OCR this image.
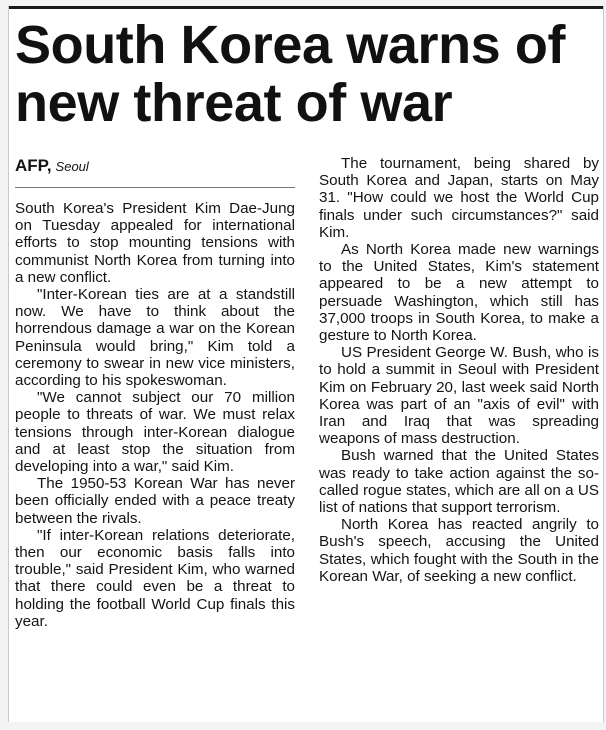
South Korea warns of new threat of war
AFP, Seoul

South Korea's President Kim Dae-Jung on Tuesday appealed for international efforts to stop mounting tensions with communist North Korea from turning into a new conflict.

"Inter-Korean ties are at a standstill now. We have to think about the horrendous damage a war on the Korean Peninsula would bring," Kim told a ceremony to swear in new vice ministers, according to his spokeswoman.

"We cannot subject our 70 million people to threats of war. We must relax tensions through inter-Korean dialogue and at least stop the situation from developing into a war," said Kim.

The 1950-53 Korean War has never been officially ended with a peace treaty between the rivals.

"If inter-Korean relations deteriorate, then our economic basis falls into trouble," said President Kim, who warned that there could even be a threat to holding the football World Cup finals this year.

The tournament, being shared by South Korea and Japan, starts on May 31. "How could we host the World Cup finals under such circumstances?" said Kim.

As North Korea made new warnings to the United States, Kim's statement appeared to be a new attempt to persuade Washington, which still has 37,000 troops in South Korea, to make a gesture to North Korea.

US President George W. Bush, who is to hold a summit in Seoul with President Kim on February 20, last week said North Korea was part of an "axis of evil" with Iran and Iraq that was spreading weapons of mass destruction.

Bush warned that the United States was ready to take action against the so-called rogue states, which are all on a US list of nations that support terrorism.

North Korea has reacted angrily to Bush's speech, accusing the United States, which fought with the South in the Korean War, of seeking a new conflict.
